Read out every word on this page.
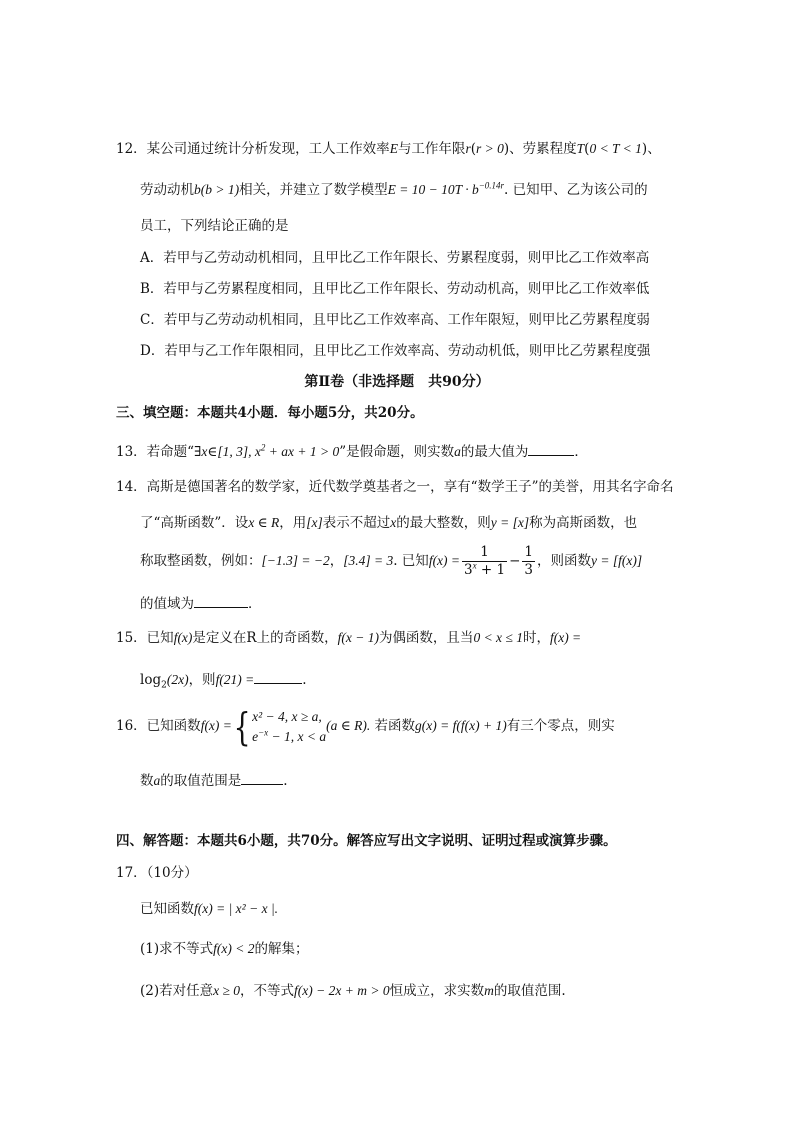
12．某公司通过统计分析发现，工人工作效率E与工作年限r(r > 0)、劳累程度T(0 < T < 1)、
劳动动机b(b > 1)相关，并建立了数学模型$E = 10 - 10T \cdot b^{-0.14r}$. 已知甲、乙为该公司的
员工，下列结论正确的是
A．若甲与乙劳动动机相同，且甲比乙工作年限长、劳累程度弱，则甲比乙工作效率高
B．若甲与乙劳累程度相同，且甲比乙工作年限长、劳动动机高，则甲比乙工作效率低
C．若甲与乙劳动动机相同，且甲比乙工作效率高、工作年限短，则甲比乙劳累程度弱
D．若甲与乙工作年限相同，且甲比乙工作效率高、劳动动机低，则甲比乙劳累程度强
第Ⅱ卷（非选择题　共90分）
三、填空题：本题共4小题．每小题5分，共20分。
13．若命题“∃x∈[1, 3], $x^2$ + ax + 1 > 0”是假命题，则实数a的最大值为	．
14．高斯是德国著名的数学家，近代数学奠基者之一，享有“数学王子”的美誉，用其名字命名
了“高斯函数”．设x ∈ R，用[x]表示不超过x的最大整数，则y = [x]称为高斯函数，也
称取整函数，例如：[−1.3] = −2，[3.4] = 3. 已知$f(x) = \frac{1}{3^x + 1} - \frac{1}{3}$ ，则函数y = [f(x)]
的值域为	．
15．已知f(x)是定义在R上的奇函数，f(x − 1)为偶函数，且当0 < x ≤ 1时，f(x) =
$\log_2(2x)$，则f(21) =	.
16．已知函数f(x) ={ x² − 4, x ≥ a,
$e^{-x} - 1$, x < a
(a ∈ R). 若函数g(x) = f(f(x) + 1)有三个零点，则实
数a的取值范围是	.
四、解答题：本题共6小题，共70分。解答应写出文字说明、证明过程或演算步骤。
17．（10分）
已知函数f(x) = | x² − x |.
(1)求不等式f(x) < 2的解集；
(2)若对任意x ≥ 0，不等式f(x) − 2x + m > 0恒成立，求实数m的取值范围.
